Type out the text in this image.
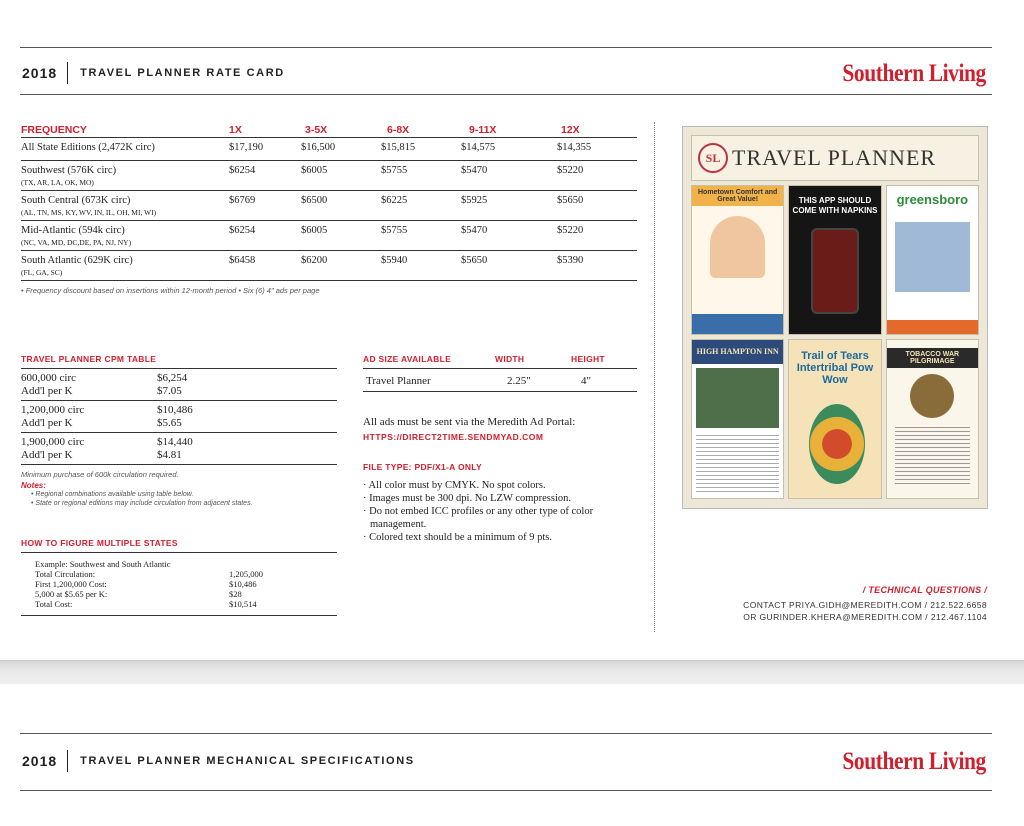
2018	TRAVEL PLANNER RATE CARD	Southern Living
FREQUENCY	1X	3-5X	6-8X	9-11X	12X
All State Editions (2,472K circ)	$17,190	$16,500	$15,815	$14,575	$14,355
Southwest (576K circ)
(TX, AR, LA, OK, MO)
$6254	$6005	$5755	$5470	$5220
South Central (673K circ)
(AL, TN, MS, KY, WV, IN, IL, OH, MI, WI)
$6769	$6500	$6225	$5925	$5650
Mid-Atlantic (594k circ)
(NC, VA, MD, DC,DE, PA, NJ, NY)
$6254	$6005	$5755	$5470	$5220
South Atlantic (629K circ)
(FL, GA, SC)
$6458	$6200	$5940	$5650	$5390
• Frequency discount based on insertions within 12-month period • Six (6) 4" ads per page
TRAVEL PLANNER CPM TABLE
600,000 circ	$6,254
Add'l per K	$7.05
1,200,000 circ	$10,486
Add'l per K	$5.65
1,900,000 circ	$14,440
Add'l per K	$4.81
Minimum purchase of 600k circulation required.
Notes:
• Regional combinations available using table below.
• State or regional editions may include circulation from adjacent states.
HOW TO FIGURE MULTIPLE STATES
Example: Southwest and South Atlantic
Total Circulation:	1,205,000
First 1,200,000 Cost:	$10,486
5,000 at $5.65 per K:	$28
Total Cost:	$10,514
AD SIZE AVAILABLE	WIDTH	HEIGHT
Travel Planner	2.25"	4"
All ads must be sent via the Meredith Ad Portal:
HTTPS://DIRECT2TIME.SENDMYAD.COM
FILE TYPE: PDF/X1-A ONLY
· All color must by CMYK. No spot colors.
· Images must be 300 dpi. No LZW compression.
· Do not embed ICC profiles or any other type of color management.
· Colored text should be a minimum of 9 pts.
SL TRAVEL PLANNER
Hometown Comfort and Great Value!	THIS APP SHOULD COME WITH NAPKINS
greensboro
HIGH HAMPTON INN	Trail of Tears Intertribal Pow Wow
TOBACCO WAR PILGRIMAGE
/ TECHNICAL QUESTIONS /
CONTACT PRIYA.GIDH@MEREDITH.COM / 212.522.6658
OR GURINDER.KHERA@MEREDITH.COM / 212.467.1104
2018	TRAVEL PLANNER MECHANICAL SPECIFICATIONS	Southern Living
